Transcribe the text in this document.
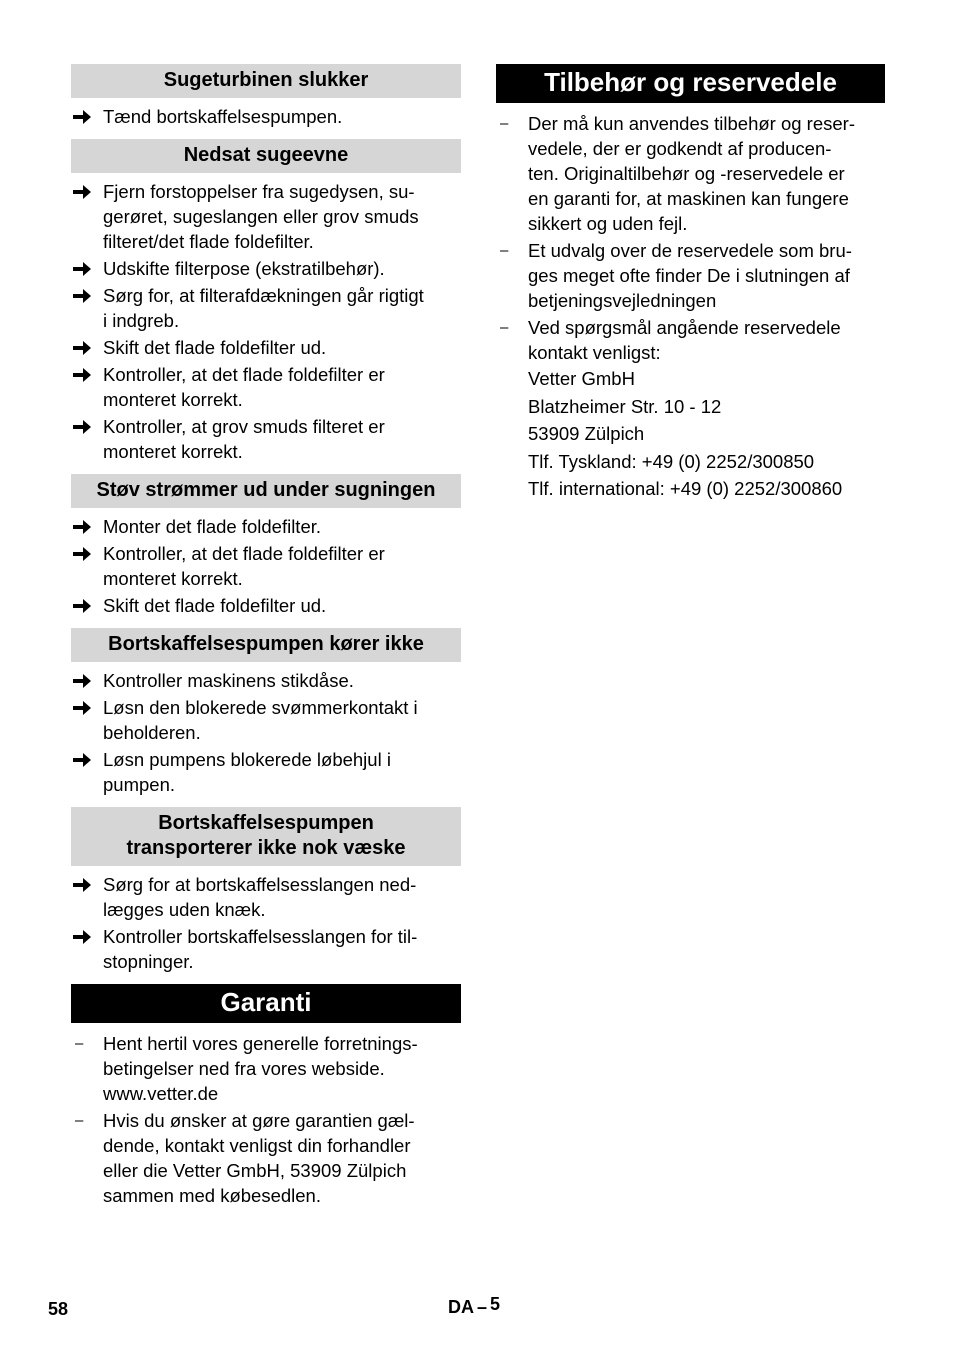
Sugeturbinen slukker
Tænd bortskaffelsespumpen.
Nedsat sugeevne
Fjern forstoppelser fra sugedysen, su-
gerøret, sugeslangen eller grov smuds
filteret/det flade foldefilter.
Udskifte filterpose (ekstratilbehør).
Sørg for, at filterafdækningen går rigtigt
i indgreb.
Skift det flade foldefilter ud.
Kontroller, at det flade foldefilter er
monteret korrekt.
Kontroller, at grov smuds filteret er
monteret korrekt.
Støv strømmer ud under sugningen
Monter det flade foldefilter.
Kontroller, at det flade foldefilter er
monteret korrekt.
Skift det flade foldefilter ud.
Bortskaffelsespumpen kører ikke
Kontroller maskinens stikdåse.
Løsn den blokerede svømmerkontakt i
beholderen.
Løsn pumpens blokerede løbehjul i
pumpen.
Bortskaffelsespumpen
transporterer ikke nok væske
Sørg for at bortskaffelsesslangen ned-
lægges uden knæk.
Kontroller bortskaffelsesslangen for til-
stopninger.
Garanti
–	Hent hertil vores generelle forretnings-
betingelser ned fra vores webside.
www.vetter.de
–	Hvis du ønsker at gøre garantien gæl-
dende, kontakt venligst din forhandler
eller die Vetter GmbH, 53909 Zülpich
sammen med købesedlen.
Tilbehør og reservedele
–	Der må kun anvendes tilbehør og reser-
vedele, der er godkendt af producen-
ten. Originaltilbehør og -reservedele er
en garanti for, at maskinen kan fungere
sikkert og uden fejl.
–	Et udvalg over de reservedele som bru-
ges meget ofte finder De i slutningen af
betjeningsvejledningen
–	Ved spørgsmål angående reservedele
kontakt venligst:
Vetter GmbH
Blatzheimer Str. 10 - 12
53909 Zülpich
Tlf. Tyskland: +49 (0) 2252/300850
Tlf. international: +49 (0) 2252/300860
58	DA – 5
